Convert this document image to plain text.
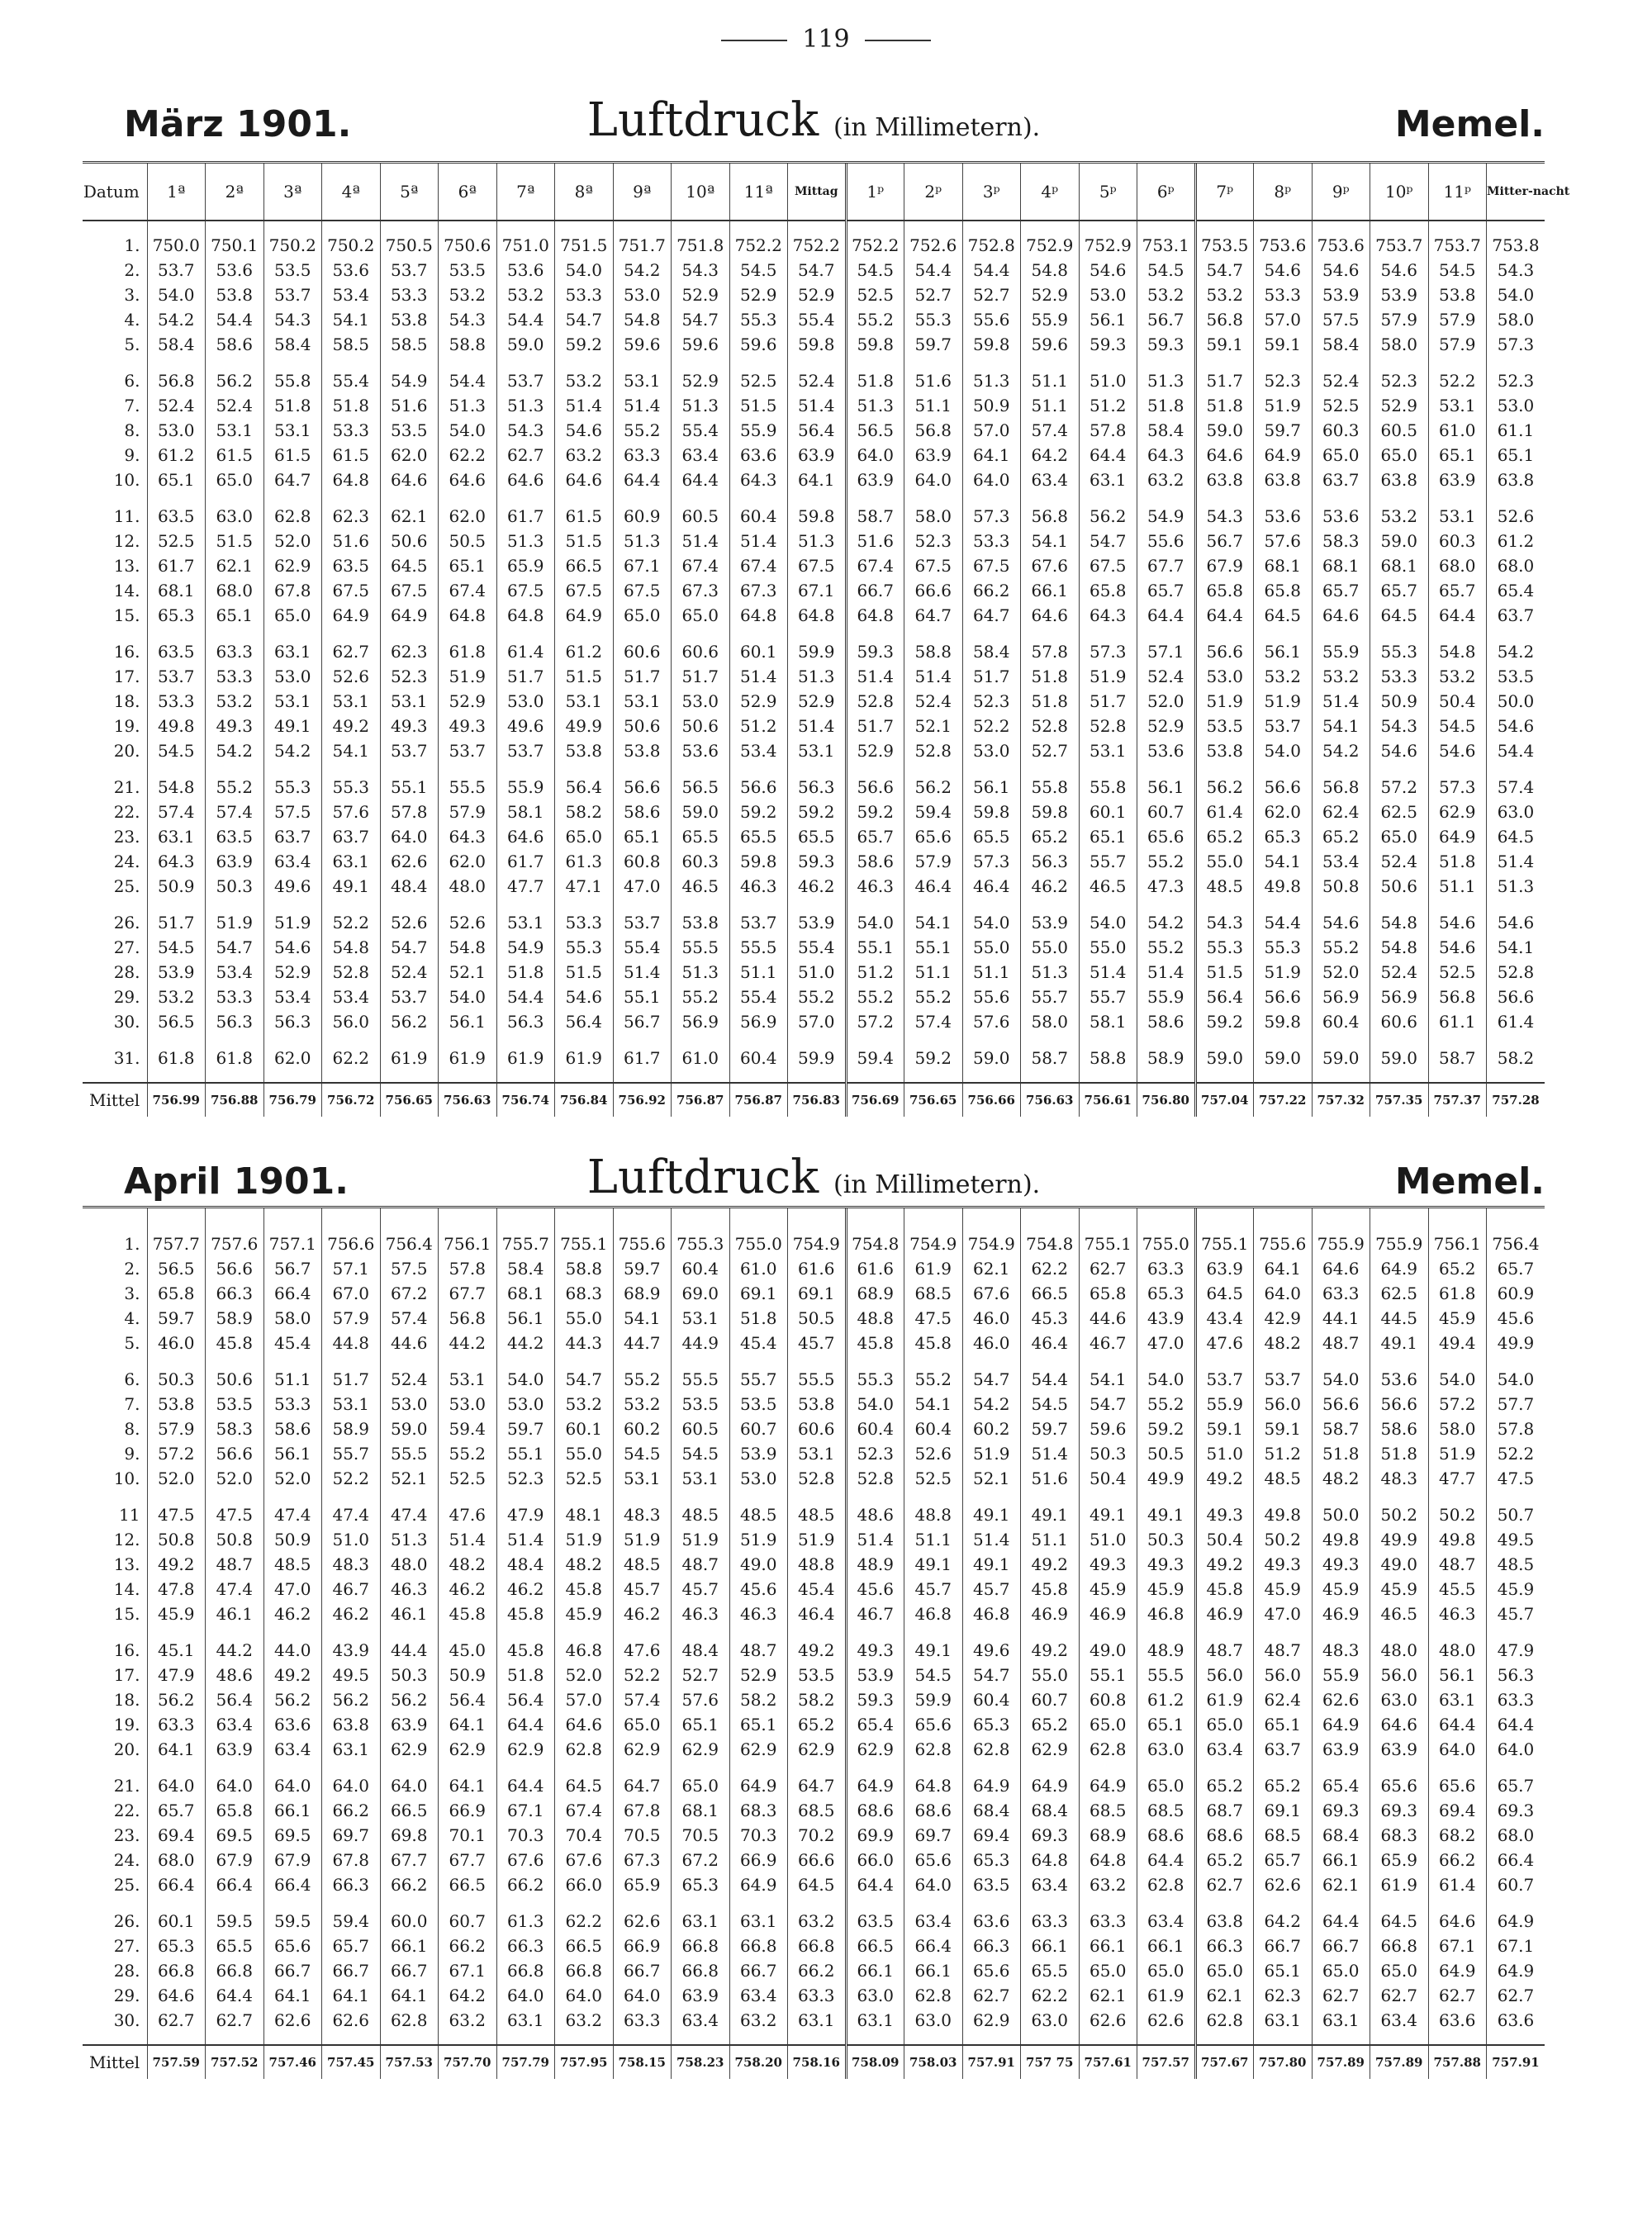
119
März 1901.	Luftdruck (in Millimetern).	Memel.
Datum	1ª	2ª	3ª	4ª	5ª	6ª	7ª	8ª	9ª	10ª	11ª	Mittag	1ᵖ	2ᵖ	3ᵖ	4ᵖ	5ᵖ	6ᵖ	7ᵖ	8ᵖ	9ᵖ	10ᵖ	11ᵖ	Mitter-nacht

1.	750.0	750.1	750.2	750.2	750.5	750.6	751.0	751.5	751.7	751.8	752.2	752.2	752.2	752.6	752.8	752.9	752.9	753.1	753.5	753.6	753.6	753.7	753.7	753.8
2.	53.7	53.6	53.5	53.6	53.7	53.5	53.6	54.0	54.2	54.3	54.5	54.7	54.5	54.4	54.4	54.8	54.6	54.5	54.7	54.6	54.6	54.6	54.5	54.3
3.	54.0	53.8	53.7	53.4	53.3	53.2	53.2	53.3	53.0	52.9	52.9	52.9	52.5	52.7	52.7	52.9	53.0	53.2	53.2	53.3	53.9	53.9	53.8	54.0
4.	54.2	54.4	54.3	54.1	53.8	54.3	54.4	54.7	54.8	54.7	55.3	55.4	55.2	55.3	55.6	55.9	56.1	56.7	56.8	57.0	57.5	57.9	57.9	58.0
5.	58.4	58.6	58.4	58.5	58.5	58.8	59.0	59.2	59.6	59.6	59.6	59.8	59.8	59.7	59.8	59.6	59.3	59.3	59.1	59.1	58.4	58.0	57.9	57.3

6.	56.8	56.2	55.8	55.4	54.9	54.4	53.7	53.2	53.1	52.9	52.5	52.4	51.8	51.6	51.3	51.1	51.0	51.3	51.7	52.3	52.4	52.3	52.2	52.3
7.	52.4	52.4	51.8	51.8	51.6	51.3	51.3	51.4	51.4	51.3	51.5	51.4	51.3	51.1	50.9	51.1	51.2	51.8	51.8	51.9	52.5	52.9	53.1	53.0
8.	53.0	53.1	53.1	53.3	53.5	54.0	54.3	54.6	55.2	55.4	55.9	56.4	56.5	56.8	57.0	57.4	57.8	58.4	59.0	59.7	60.3	60.5	61.0	61.1
9.	61.2	61.5	61.5	61.5	62.0	62.2	62.7	63.2	63.3	63.4	63.6	63.9	64.0	63.9	64.1	64.2	64.4	64.3	64.6	64.9	65.0	65.0	65.1	65.1
10.	65.1	65.0	64.7	64.8	64.6	64.6	64.6	64.6	64.4	64.4	64.3	64.1	63.9	64.0	64.0	63.4	63.1	63.2	63.8	63.8	63.7	63.8	63.9	63.8

11.	63.5	63.0	62.8	62.3	62.1	62.0	61.7	61.5	60.9	60.5	60.4	59.8	58.7	58.0	57.3	56.8	56.2	54.9	54.3	53.6	53.6	53.2	53.1	52.6
12.	52.5	51.5	52.0	51.6	50.6	50.5	51.3	51.5	51.3	51.4	51.4	51.3	51.6	52.3	53.3	54.1	54.7	55.6	56.7	57.6	58.3	59.0	60.3	61.2
13.	61.7	62.1	62.9	63.5	64.5	65.1	65.9	66.5	67.1	67.4	67.4	67.5	67.4	67.5	67.5	67.6	67.5	67.7	67.9	68.1	68.1	68.1	68.0	68.0
14.	68.1	68.0	67.8	67.5	67.5	67.4	67.5	67.5	67.5	67.3	67.3	67.1	66.7	66.6	66.2	66.1	65.8	65.7	65.8	65.8	65.7	65.7	65.7	65.4
15.	65.3	65.1	65.0	64.9	64.9	64.8	64.8	64.9	65.0	65.0	64.8	64.8	64.8	64.7	64.7	64.6	64.3	64.4	64.4	64.5	64.6	64.5	64.4	63.7

16.	63.5	63.3	63.1	62.7	62.3	61.8	61.4	61.2	60.6	60.6	60.1	59.9	59.3	58.8	58.4	57.8	57.3	57.1	56.6	56.1	55.9	55.3	54.8	54.2
17.	53.7	53.3	53.0	52.6	52.3	51.9	51.7	51.5	51.7	51.7	51.4	51.3	51.4	51.4	51.7	51.8	51.9	52.4	53.0	53.2	53.2	53.3	53.2	53.5
18.	53.3	53.2	53.1	53.1	53.1	52.9	53.0	53.1	53.1	53.0	52.9	52.9	52.8	52.4	52.3	51.8	51.7	52.0	51.9	51.9	51.4	50.9	50.4	50.0
19.	49.8	49.3	49.1	49.2	49.3	49.3	49.6	49.9	50.6	50.6	51.2	51.4	51.7	52.1	52.2	52.8	52.8	52.9	53.5	53.7	54.1	54.3	54.5	54.6
20.	54.5	54.2	54.2	54.1	53.7	53.7	53.7	53.8	53.8	53.6	53.4	53.1	52.9	52.8	53.0	52.7	53.1	53.6	53.8	54.0	54.2	54.6	54.6	54.4

21.	54.8	55.2	55.3	55.3	55.1	55.5	55.9	56.4	56.6	56.5	56.6	56.3	56.6	56.2	56.1	55.8	55.8	56.1	56.2	56.6	56.8	57.2	57.3	57.4
22.	57.4	57.4	57.5	57.6	57.8	57.9	58.1	58.2	58.6	59.0	59.2	59.2	59.2	59.4	59.8	59.8	60.1	60.7	61.4	62.0	62.4	62.5	62.9	63.0
23.	63.1	63.5	63.7	63.7	64.0	64.3	64.6	65.0	65.1	65.5	65.5	65.5	65.7	65.6	65.5	65.2	65.1	65.6	65.2	65.3	65.2	65.0	64.9	64.5
24.	64.3	63.9	63.4	63.1	62.6	62.0	61.7	61.3	60.8	60.3	59.8	59.3	58.6	57.9	57.3	56.3	55.7	55.2	55.0	54.1	53.4	52.4	51.8	51.4
25.	50.9	50.3	49.6	49.1	48.4	48.0	47.7	47.1	47.0	46.5	46.3	46.2	46.3	46.4	46.4	46.2	46.5	47.3	48.5	49.8	50.8	50.6	51.1	51.3

26.	51.7	51.9	51.9	52.2	52.6	52.6	53.1	53.3	53.7	53.8	53.7	53.9	54.0	54.1	54.0	53.9	54.0	54.2	54.3	54.4	54.6	54.8	54.6	54.6
27.	54.5	54.7	54.6	54.8	54.7	54.8	54.9	55.3	55.4	55.5	55.5	55.4	55.1	55.1	55.0	55.0	55.0	55.2	55.3	55.3	55.2	54.8	54.6	54.1
28.	53.9	53.4	52.9	52.8	52.4	52.1	51.8	51.5	51.4	51.3	51.1	51.0	51.2	51.1	51.1	51.3	51.4	51.4	51.5	51.9	52.0	52.4	52.5	52.8
29.	53.2	53.3	53.4	53.4	53.7	54.0	54.4	54.6	55.1	55.2	55.4	55.2	55.2	55.2	55.6	55.7	55.7	55.9	56.4	56.6	56.9	56.9	56.8	56.6
30.	56.5	56.3	56.3	56.0	56.2	56.1	56.3	56.4	56.7	56.9	56.9	57.0	57.2	57.4	57.6	58.0	58.1	58.6	59.2	59.8	60.4	60.6	61.1	61.4

31.	61.8	61.8	62.0	62.2	61.9	61.9	61.9	61.9	61.7	61.0	60.4	59.9	59.4	59.2	59.0	58.7	58.8	58.9	59.0	59.0	59.0	59.0	58.7	58.2

Mittel	756.99	756.88	756.79	756.72	756.65	756.63	756.74	756.84	756.92	756.87	756.87	756.83	756.69	756.65	756.66	756.63	756.61	756.80	757.04	757.22	757.32	757.35	757.37	757.28
April 1901.	Luftdruck (in Millimetern).	Memel.

1.	757.7	757.6	757.1	756.6	756.4	756.1	755.7	755.1	755.6	755.3	755.0	754.9	754.8	754.9	754.9	754.8	755.1	755.0	755.1	755.6	755.9	755.9	756.1	756.4
2.	56.5	56.6	56.7	57.1	57.5	57.8	58.4	58.8	59.7	60.4	61.0	61.6	61.6	61.9	62.1	62.2	62.7	63.3	63.9	64.1	64.6	64.9	65.2	65.7
3.	65.8	66.3	66.4	67.0	67.2	67.7	68.1	68.3	68.9	69.0	69.1	69.1	68.9	68.5	67.6	66.5	65.8	65.3	64.5	64.0	63.3	62.5	61.8	60.9
4.	59.7	58.9	58.0	57.9	57.4	56.8	56.1	55.0	54.1	53.1	51.8	50.5	48.8	47.5	46.0	45.3	44.6	43.9	43.4	42.9	44.1	44.5	45.9	45.6
5.	46.0	45.8	45.4	44.8	44.6	44.2	44.2	44.3	44.7	44.9	45.4	45.7	45.8	45.8	46.0	46.4	46.7	47.0	47.6	48.2	48.7	49.1	49.4	49.9

6.	50.3	50.6	51.1	51.7	52.4	53.1	54.0	54.7	55.2	55.5	55.7	55.5	55.3	55.2	54.7	54.4	54.1	54.0	53.7	53.7	54.0	53.6	54.0	54.0
7.	53.8	53.5	53.3	53.1	53.0	53.0	53.0	53.2	53.2	53.5	53.5	53.8	54.0	54.1	54.2	54.5	54.7	55.2	55.9	56.0	56.6	56.6	57.2	57.7
8.	57.9	58.3	58.6	58.9	59.0	59.4	59.7	60.1	60.2	60.5	60.7	60.6	60.4	60.4	60.2	59.7	59.6	59.2	59.1	59.1	58.7	58.6	58.0	57.8
9.	57.2	56.6	56.1	55.7	55.5	55.2	55.1	55.0	54.5	54.5	53.9	53.1	52.3	52.6	51.9	51.4	50.3	50.5	51.0	51.2	51.8	51.8	51.9	52.2
10.	52.0	52.0	52.0	52.2	52.1	52.5	52.3	52.5	53.1	53.1	53.0	52.8	52.8	52.5	52.1	51.6	50.4	49.9	49.2	48.5	48.2	48.3	47.7	47.5

11	47.5	47.5	47.4	47.4	47.4	47.6	47.9	48.1	48.3	48.5	48.5	48.5	48.6	48.8	49.1	49.1	49.1	49.1	49.3	49.8	50.0	50.2	50.2	50.7
12.	50.8	50.8	50.9	51.0	51.3	51.4	51.4	51.9	51.9	51.9	51.9	51.9	51.4	51.1	51.4	51.1	51.0	50.3	50.4	50.2	49.8	49.9	49.8	49.5
13.	49.2	48.7	48.5	48.3	48.0	48.2	48.4	48.2	48.5	48.7	49.0	48.8	48.9	49.1	49.1	49.2	49.3	49.3	49.2	49.3	49.3	49.0	48.7	48.5
14.	47.8	47.4	47.0	46.7	46.3	46.2	46.2	45.8	45.7	45.7	45.6	45.4	45.6	45.7	45.7	45.8	45.9	45.9	45.8	45.9	45.9	45.9	45.5	45.9
15.	45.9	46.1	46.2	46.2	46.1	45.8	45.8	45.9	46.2	46.3	46.3	46.4	46.7	46.8	46.8	46.9	46.9	46.8	46.9	47.0	46.9	46.5	46.3	45.7

16.	45.1	44.2	44.0	43.9	44.4	45.0	45.8	46.8	47.6	48.4	48.7	49.2	49.3	49.1	49.6	49.2	49.0	48.9	48.7	48.7	48.3	48.0	48.0	47.9
17.	47.9	48.6	49.2	49.5	50.3	50.9	51.8	52.0	52.2	52.7	52.9	53.5	53.9	54.5	54.7	55.0	55.1	55.5	56.0	56.0	55.9	56.0	56.1	56.3
18.	56.2	56.4	56.2	56.2	56.2	56.4	56.4	57.0	57.4	57.6	58.2	58.2	59.3	59.9	60.4	60.7	60.8	61.2	61.9	62.4	62.6	63.0	63.1	63.3
19.	63.3	63.4	63.6	63.8	63.9	64.1	64.4	64.6	65.0	65.1	65.1	65.2	65.4	65.6	65.3	65.2	65.0	65.1	65.0	65.1	64.9	64.6	64.4	64.4
20.	64.1	63.9	63.4	63.1	62.9	62.9	62.9	62.8	62.9	62.9	62.9	62.9	62.9	62.8	62.8	62.9	62.8	63.0	63.4	63.7	63.9	63.9	64.0	64.0

21.	64.0	64.0	64.0	64.0	64.0	64.1	64.4	64.5	64.7	65.0	64.9	64.7	64.9	64.8	64.9	64.9	64.9	65.0	65.2	65.2	65.4	65.6	65.6	65.7
22.	65.7	65.8	66.1	66.2	66.5	66.9	67.1	67.4	67.8	68.1	68.3	68.5	68.6	68.6	68.4	68.4	68.5	68.5	68.7	69.1	69.3	69.3	69.4	69.3
23.	69.4	69.5	69.5	69.7	69.8	70.1	70.3	70.4	70.5	70.5	70.3	70.2	69.9	69.7	69.4	69.3	68.9	68.6	68.6	68.5	68.4	68.3	68.2	68.0
24.	68.0	67.9	67.9	67.8	67.7	67.7	67.6	67.6	67.3	67.2	66.9	66.6	66.0	65.6	65.3	64.8	64.8	64.4	65.2	65.7	66.1	65.9	66.2	66.4
25.	66.4	66.4	66.4	66.3	66.2	66.5	66.2	66.0	65.9	65.3	64.9	64.5	64.4	64.0	63.5	63.4	63.2	62.8	62.7	62.6	62.1	61.9	61.4	60.7

26.	60.1	59.5	59.5	59.4	60.0	60.7	61.3	62.2	62.6	63.1	63.1	63.2	63.5	63.4	63.6	63.3	63.3	63.4	63.8	64.2	64.4	64.5	64.6	64.9
27.	65.3	65.5	65.6	65.7	66.1	66.2	66.3	66.5	66.9	66.8	66.8	66.8	66.5	66.4	66.3	66.1	66.1	66.1	66.3	66.7	66.7	66.8	67.1	67.1
28.	66.8	66.8	66.7	66.7	66.7	67.1	66.8	66.8	66.7	66.8	66.7	66.2	66.1	66.1	65.6	65.5	65.0	65.0	65.0	65.1	65.0	65.0	64.9	64.9
29.	64.6	64.4	64.1	64.1	64.1	64.2	64.0	64.0	64.0	63.9	63.4	63.3	63.0	62.8	62.7	62.2	62.1	61.9	62.1	62.3	62.7	62.7	62.7	62.7
30.	62.7	62.7	62.6	62.6	62.8	63.2	63.1	63.2	63.3	63.4	63.2	63.1	63.1	63.0	62.9	63.0	62.6	62.6	62.8	63.1	63.1	63.4	63.6	63.6

Mittel	757.59	757.52	757.46	757.45	757.53	757.70	757.79	757.95	758.15	758.23	758.20	758.16	758.09	758.03	757.91	757 75	757.61	757.57	757.67	757.80	757.89	757.89	757.88	757.91
